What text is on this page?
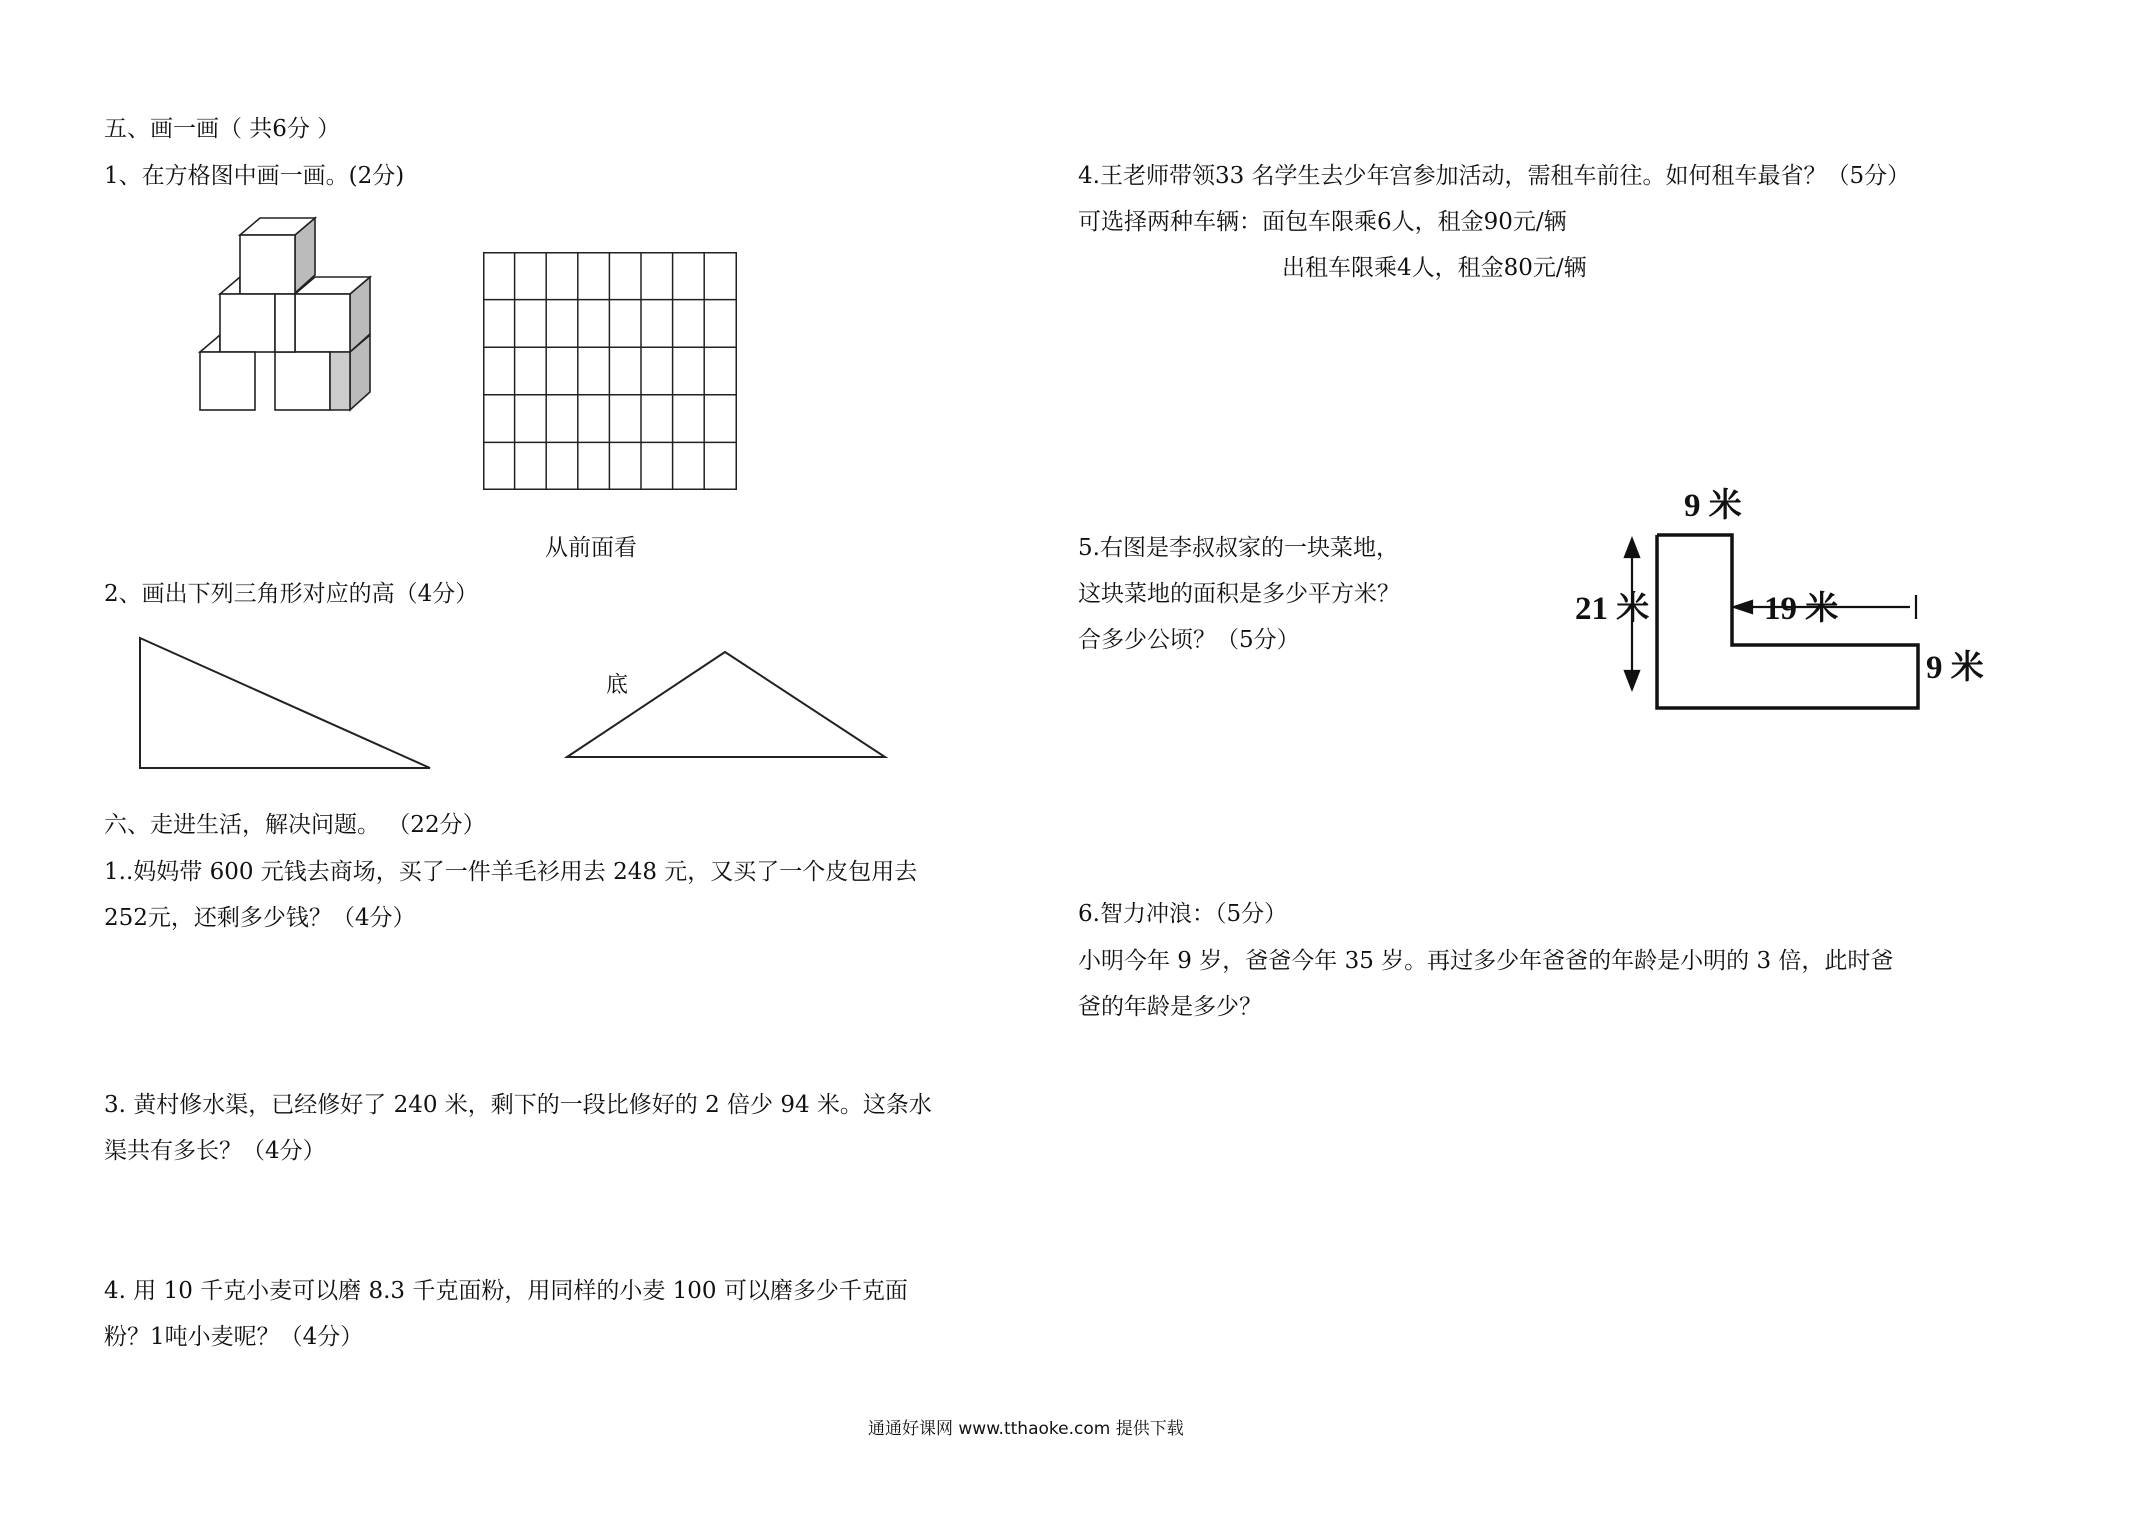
五、画一画（ 共6分 ）
1、在方格图中画一画。(2分)
从前面看
2、画出下列三角形对应的高（4分）
底
六、走进生活，解决问题。 （22分）
1..妈妈带 600 元钱去商场，买了一件羊毛衫用去 248 元，又买了一个皮包用去
252元，还剩多少钱？（4分）
3. 黄村修水渠，已经修好了 240 米，剩下的一段比修好的 2 倍少 94 米。这条水
渠共有多长？（4分）
4. 用 10 千克小麦可以磨 8.3 千克面粉，用同样的小麦 100 可以磨多少千克面
粉？1吨小麦呢？（4分）
4.王老师带领33 名学生去少年宫参加活动，需租车前往。如何租车最省？（5分）
可选择两种车辆：面包车限乘6人，租金90元/辆
出租车限乘4人，租金80元/辆
5.右图是李叔叔家的一块菜地，
这块菜地的面积是多少平方米？
合多少公顷？（5分）
9 米
21 米	19 米
9 米
6.智力冲浪：（5分）
小明今年 9 岁，爸爸今年 35 岁。再过多少年爸爸的年龄是小明的 3 倍，此时爸
爸的年龄是多少？
通通好课网 www.tthaoke.com 提供下载
